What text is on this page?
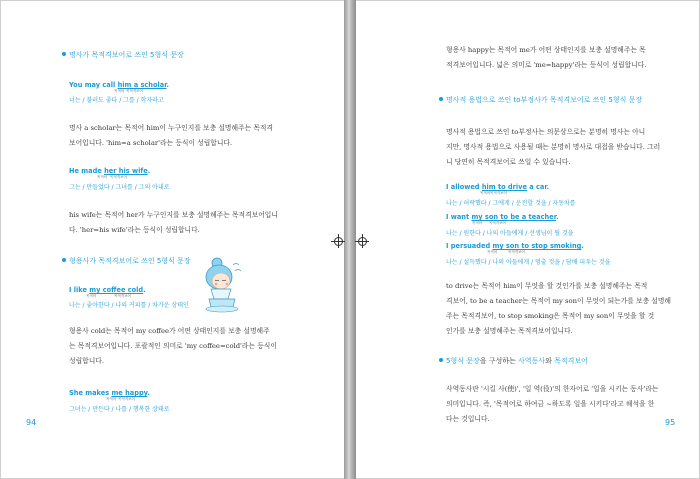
명사가 목적격보어로 쓰인 5형식 문장
You may call him a scholar.
목적어 목적격보어
너는 / 불러도 좋다 / 그를 / 학자라고
명사 a scholar는 목적어 him이 누구인지를 보충 설명해주는 목적격
보어입니다. 'him=a scholar'라는 등식이 성립합니다.
He made her his wife.
목적어 목적격보어
그는 / 만들었다 / 그녀를 / 그의 아내로
his wife는 목적어 her가 누구인지를 보충 설명해주는 목적격보어입니
다. 'her=his wife'라는 등식이 성립합니다.
형용사가 목적격보어로 쓰인 5형식 문장
I like my coffee cold.
목적어	목적격보어
나는 / 좋아한다 / 나의 커피를 / 차가운 상태인
형용사 cold는 목적어 my coffee가 어떤 상태인지를 보충 설명해주
는 목적격보어입니다. 포괄적인 의미로 'my coffee=cold'라는 등식이
성립합니다.
She makes me happy.
목적어 목적격보어
그녀는 / 만든다 / 나를 / 행복한 상태로
94
형용사 happy는 목적어 me가 어떤 상태인지를 보충 설명해주는 목
적격보어입니다. 넓은 의미로 'me=happy'라는 등식이 성립합니다.
명사적 용법으로 쓰인 to부정사가 목적격보어로 쓰인 5형식 문장
명사적 용법으로 쓰인 to부정사는 의문상으로는 분명히 명사는 아니
지만, 명사적 용법으로 사용될 때는 분명히 명사로 대접을 받습니다. 그러
니 당연히 목적격보어로 쓰일 수 있습니다.
I allowed him to drive a car.
목적어 목적격보어
나는 / 허락했다 / 그에게 / 운전할 것을 / 자동차를
I want my son to be a teacher.
목적어 목적격보어
나는 / 원한다 / 나의 아들에게 / 선생님이 될 것을
I persuaded my son to stop smoking.
목적어	목적격보어
나는 / 설득했다 / 나의 아들에게 / 멈출 것을 / 담배 피우는 것을
to drive는 목적어 him이 무엇을 할 것인가를 보충 설명해주는 목적
격보어, to be a teacher는 목적어 my son이 무엇이 되는가를 보충 설명해
주는 목적격보어, to stop smoking은 목적어 my son이 무엇을 할 것
인가를 보충 설명해주는 목적격보어입니다.
5형식 문장을 구성하는 사역동사와 목적격보어
사역동사란 '시킬 사(使)', '일 역(役)'의 한자어로 '일을 시키는 동사'라는
의미입니다. 즉, '목적어로 하여금 ~하도록 일을 시키다'라고 해석을 한
다는 것입니다.	95
